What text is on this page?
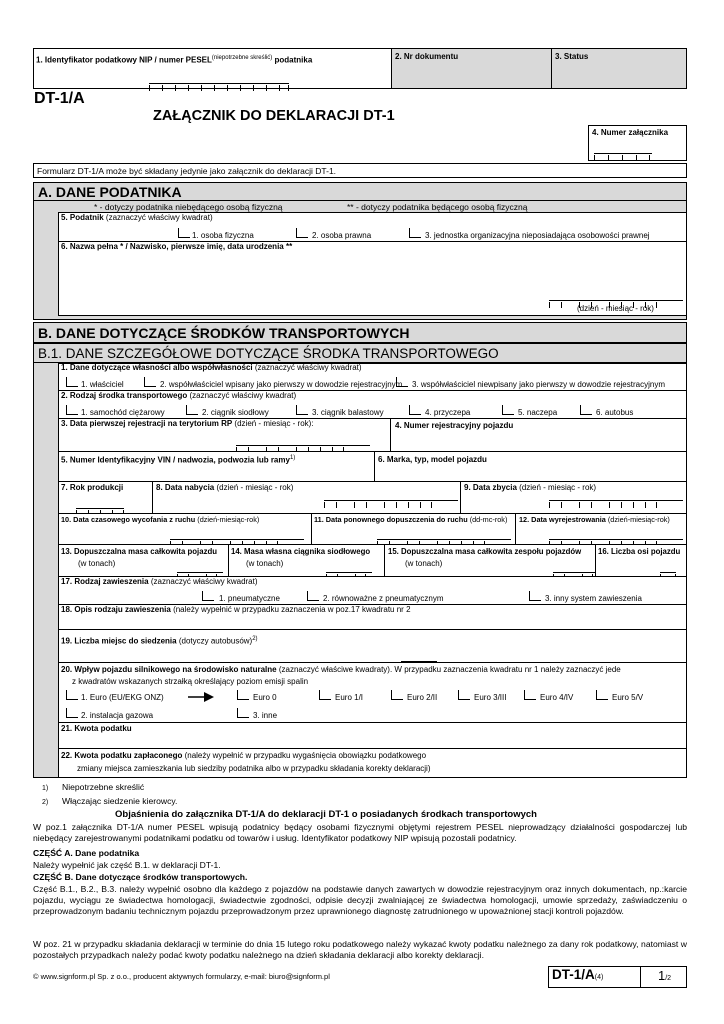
1. Identyfikator podatkowy NIP / numer $PESEL^{(niepotrzebne skreślić)}$ podatnika	2. Nr dokumentu	3. Status
DT-1/A
ZAŁĄCZNIK DO DEKLARACJI DT-1
4. Numer załącznika
Formularz DT-1/A może być składany jedynie jako załącznik do deklaracji DT-1.
A. DANE PODATNIKA
* - dotyczy podatnika niebędącego osobą fizyczną	** - dotyczy podatnika będącego osobą fizyczną
5. Podatnik (zaznaczyć właściwy kwadrat)
1. osoba fizyczna	2. osoba prawna	3. jednostka organizacyjna nieposiadająca osobowości prawnej
6. Nazwa pełna * / Nazwisko, pierwsze imię, data urodzenia **
(dzień - miesiąc - rok)
B. DANE DOTYCZĄCE ŚRODKÓW TRANSPORTOWYCH
B.1. DANE SZCZEGÓŁOWE DOTYCZĄCE ŚRODKA TRANSPORTOWEGO
1. Dane dotyczące własności albo współwłasności (zaznaczyć właściwy kwadrat)
1. właściciel	2. współwłaściciel wpisany jako pierwszy w dowodzie rejestracyjnym 3. współwłaściciel niewpisany jako pierwszy w dowodzie rejestracyjnym
2. Rodzaj środka transportowego (zaznaczyć właściwy kwadrat)
1. samochód ciężarowy	2. ciągnik siodłowy	3. ciągnik balastowy	4. przyczepa	5. naczepa	6. autobus
3. Data pierwszej rejestracji na terytorium RP (dzień - miesiąc - rok):	4. Numer rejestracyjny pojazdu
5. Numer Identyfikacyjny VIN / nadwozia, podwozia lub ramy$^{1)}$	6. Marka, typ, model pojazdu
7. Rok produkcji	8. Data nabycia (dzień - miesiąc - rok)	9. Data zbycia (dzień - miesiąc - rok)
10. Data czasowego wycofania z ruchu (dzień-miesiąc-rok)	11. Data ponownego dopuszczenia do ruchu (dd-mc-rok) 12. Data wyrejestrowania (dzień-miesiąc-rok)
13. Dopuszczalna masa całkowita pojazdu
(w tonach)
14. Masa własna ciągnika siodłowego
(w tonach)
15. Dopuszczalna masa całkowita zespołu pojazdów
(w tonach)
16. Liczba osi pojazdu
17. Rodzaj zawieszenia (zaznaczyć właściwy kwadrat)
1. pneumatyczne	2. równoważne z pneumatycznym	3. inny system zawieszenia
18. Opis rodzaju zawieszenia (należy wypełnić w przypadku zaznaczenia w poz.17 kwadratu nr 2
19. Liczba miejsc do siedzenia (dotyczy autobusów)$^{2)}$
20. Wpływ pojazdu silnikowego na środowisko naturalne (zaznaczyć właściwe kwadraty). W przypadku zaznaczenia kwadratu nr 1 należy zaznaczyć jede
z kwadratów wskazanych strzałką określający poziom emisji spalin
1. Euro (EU/EKG ONZ)	Euro 0	Euro 1/I	Euro 2/II	Euro 3/III	Euro 4/IV	Euro 5/V
2. instalacja gazowa	3. inne
21. Kwota podatku
22. Kwota podatku zapłaconego (należy wypełnić w przypadku wygaśnięcia obowiązku podatkowego
zmiany miejsca zamieszkania lub siedziby podatnika albo w przypadku składania korekty deklaracji)
1) Niepotrzebne skreślić
2) Włączając siedzenie kierowcy.
Objaśnienia do załącznika DT-1/A do deklaracji DT-1 o posiadanych środkach transportowych
W poz.1 załącznika DT-1/A numer PESEL wpisują podatnicy będący osobami fizycznymi objętymi rejestrem PESEL nieprowadzący działalności gospodarczej lub niebędący zarejestrowanymi podatnikami podatku od towarów i usług. Identyfikator podatkowy NIP wpisują pozostali podatnicy.
CZĘŚĆ A. Dane podatnika
Należy wypełnić jak część B.1. w deklaracji DT-1.
CZĘŚĆ B. Dane dotyczące środków transportowych.
Część B.1., B.2., B.3. należy wypełnić osobno dla każdego z pojazdów na podstawie danych zawartych w dowodzie rejestracyjnym oraz innych dokumentach, np.:karcie pojazdu, wyciągu ze świadectwa homologacji, świadectwie zgodności, odpisie decyzji zwalniającej ze świadectwa homologacji, umowie sprzedaży, zaświadczeniu o przeprowadzonym badaniu technicznym pojazdu przeprowadzonym przez uprawnionego diagnostę zatrudnionego w upoważnionej stacji kontroli pojazdów.
W poz. 21 w przypadku składania deklaracji w terminie do dnia 15 lutego roku podatkowego należy wykazać kwoty podatku należnego za dany rok podatkowy, natomiast w pozostałych przypadkach należy podać kwoty podatku należnego na dzień składania deklaracji albo korekty deklaracji.
© www.signform.pl Sp. z o.o., producent aktywnych formularzy, e-mail: biuro@signform.pl	DT-1/A(4)	1/2
